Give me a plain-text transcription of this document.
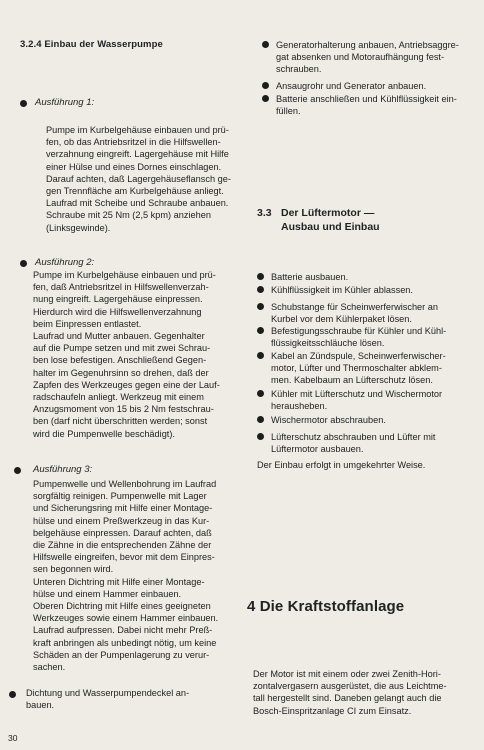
3.2.4 Einbau der Wasserpumpe
Ausführung 1:
Pumpe im Kurbelgehäuse einbauen und prü-
fen, ob das Antriebsritzel in die Hilfswellen-
verzahnung eingreift. Lagergehäuse mit Hilfe
einer Hülse und eines Dornes einschlagen.
Darauf achten, daß Lagergehäuseflansch ge-
gen Trennfläche am Kurbelgehäuse anliegt.
Laufrad mit Scheibe und Schraube anbauen.
Schraube mit 25 Nm (2,5 kpm) anziehen
(Linksgewinde).
Ausführung 2:
Pumpe im Kurbelgehäuse einbauen und prü-
fen, daß Antriebsritzel in Hilfswellenverzah-
nung eingreift. Lagergehäuse einpressen.
Hierdurch wird die Hilfswellenverzahnung
beim Einpressen entlastet.
Laufrad und Mutter anbauen. Gegenhalter
auf die Pumpe setzen und mit zwei Schrau-
ben lose befestigen. Anschließend Gegen-
halter im Gegenuhrsinn so drehen, daß der
Zapfen des Werkzeuges gegen eine der Lauf-
radschaufeln anliegt. Werkzeug mit einem
Anzugsmoment von 15 bis 2 Nm festschrau-
ben (darf nicht überschritten werden; sonst
wird die Pumpenwelle beschädigt).
Ausführung 3:
Pumpenwelle und Wellenbohrung im Laufrad
sorgfältig reinigen. Pumpenwelle mit Lager
und Sicherungsring mit Hilfe einer Montage-
hülse und einem Preßwerkzeug in das Kur-
belgehäuse einpressen. Darauf achten, daß
die Zähne in die entsprechenden Zähne der
Hilfswelle eingreifen, bevor mit dem Einpres-
sen begonnen wird.
Unteren Dichtring mit Hilfe einer Montage-
hülse und einem Hammer einbauen.
Oberen Dichtring mit Hilfe eines geeigneten
Werkzeuges sowie einem Hammer einbauen.
Laufrad aufpressen. Dabei nicht mehr Preß-
kraft anbringen als unbedingt nötig, um keine
Schäden an der Pumpenlagerung zu verur-
sachen.
Dichtung und Wasserpumpendeckel an-
bauen.
30
Generatorhalterung anbauen, Antriebsaggre-
gat absenken und Motoraufhängung fest-
schrauben.
Ansaugrohr und Generator anbauen.
Batterie anschließen und Kühlflüssigkeit ein-
füllen.
3.3 Der Lüftermotor —
Ausbau und Einbau
Batterie ausbauen.
Kühlflüssigkeit im Kühler ablassen.
Schubstange für Scheinwerferwischer an
Kurbel vor dem Kühlerpaket lösen.
Befestigungsschraube für Kühler und Kühl-
flüssigkeitsschläuche lösen.
Kabel an Zündspule, Scheinwerferwischer-
motor, Lüfter und Thermoschalter abklem-
men. Kabelbaum an Lüfterschutz lösen.
Kühler mit Lüfterschutz und Wischermotor
herausheben.
Wischermotor abschrauben.
Lüfterschutz abschrauben und Lüfter mit
Lüftermotor ausbauen.
Der Einbau erfolgt in umgekehrter Weise.
4 Die Kraftstoffanlage
Der Motor ist mit einem oder zwei Zenith-Hori-
zontalvergasern ausgerüstet, die aus Leichtme-
tall hergestellt sind. Daneben gelangt auch die
Bosch-Einspritzanlage CI zum Einsatz.
